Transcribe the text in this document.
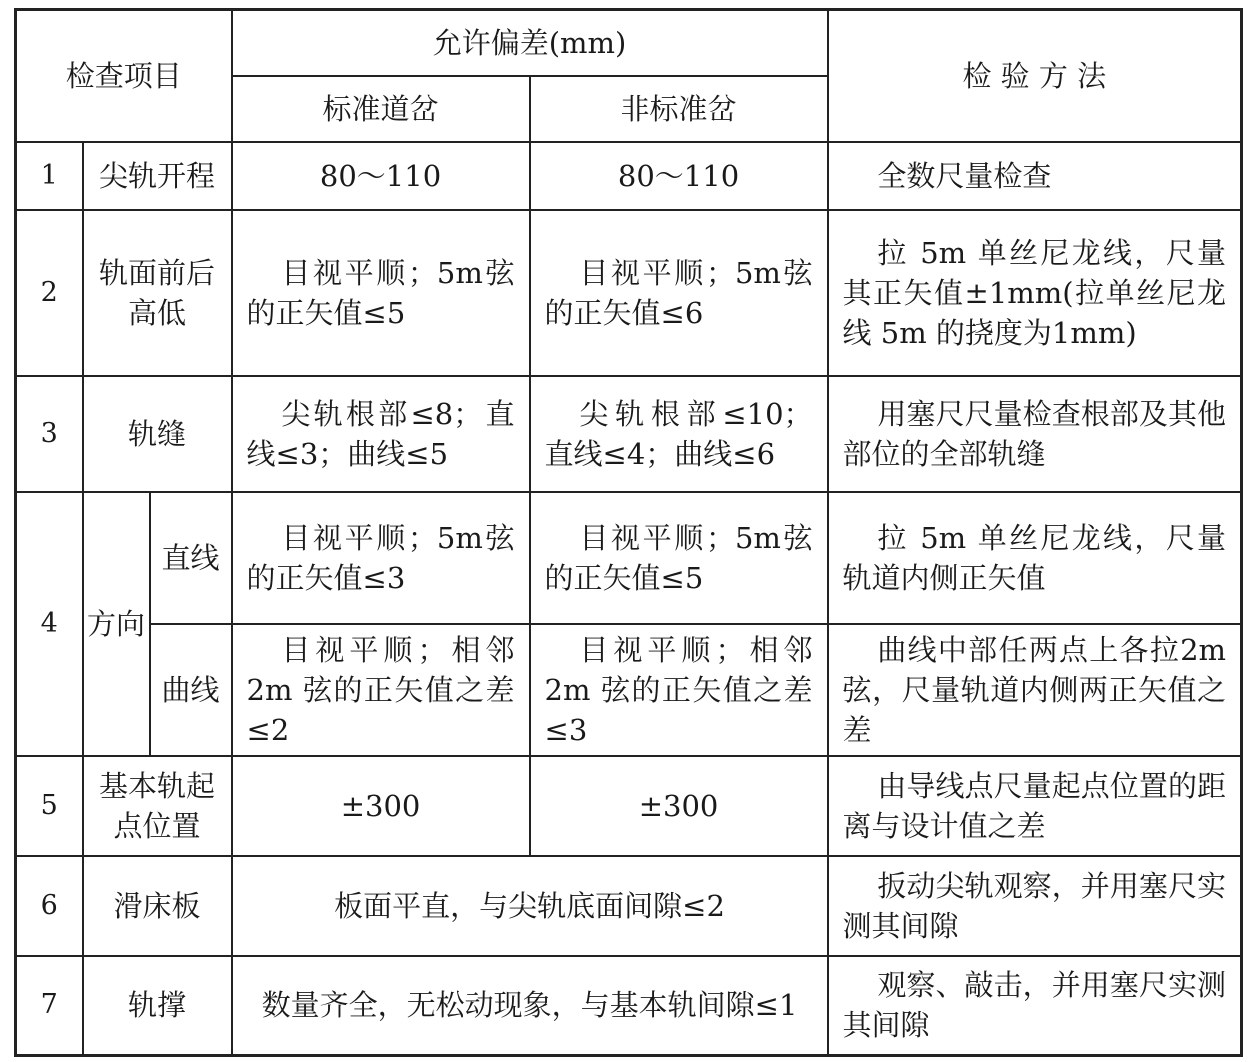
检查项目			允许偏差(mm)		检 验 方 法
			标准道岔	非标准岔	
1	尖轨开程		80～110	80～110	全数尺量检查
2	轨面前后高低		目视平顺；5m弦的正矢值≤5	目视平顺；5m弦的正矢值≤6	拉 5m 单丝尼龙线，尺量其正矢值±1mm(拉单丝尼龙线 5m 的挠度为1mm)
3	轨缝		尖轨根部≤8；直线≤3；曲线≤5	尖轨根部≤10；直线≤4；曲线≤6	用塞尺尺量检查根部及其他部位的全部轨缝
4	方向	直线	目视平顺；5m弦的正矢值≤3	目视平顺；5m弦的正矢值≤5	拉 5m 单丝尼龙线，尺量轨道内侧正矢值
		曲线	目视平顺；相邻2m 弦的正矢值之差≤2	目视平顺；相邻2m 弦的正矢值之差≤3	曲线中部任两点上各拉2m 弦，尺量轨道内侧两正矢值之差
5	基本轨起点位置		±300	±300	由导线点尺量起点位置的距离与设计值之差
6	滑床板		板面平直，与尖轨底面间隙≤2		扳动尖轨观察，并用塞尺实测其间隙
7	轨撑		数量齐全，无松动现象，与基本轨间隙≤1		观察、敲击，并用塞尺实测其间隙
